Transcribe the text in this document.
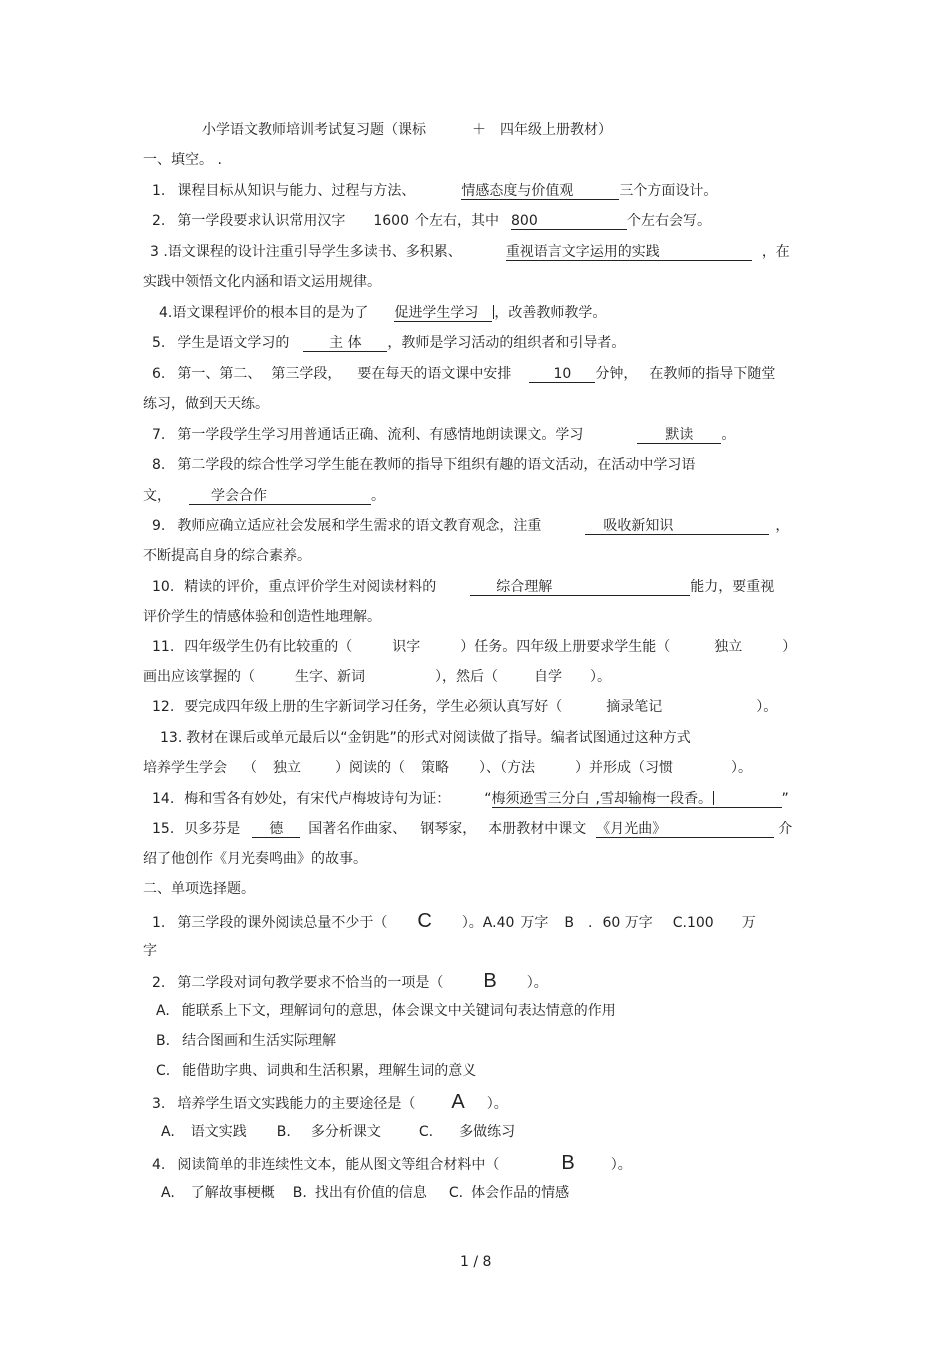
小学语文教师培训考试复习题（课标	＋ 四年级上册教材）
一、填空。 .
1. 课程目标从知识与能力、过程与方法、	情感态度与价值观	三个方面设计。
2. 第一学段要求认识常用汉字 1600 个左右，其中 800	个左右会写。
3 .语文课程的设计注重引导学生多读书、多积累、	重视语言文字运用的实践	，在
实践中领悟文化内涵和语文运用规律。
4.语文课程评价的根本目的是为了 促进学生学习 ，改善教师教学。
5. 学生是语文学习的	主 体 ，教师是学习活动的组织者和引导者。
6. 第一、第二、 第三学段， 要在每天的语文课中安排	10 分钟， 在教师的指导下随堂
练习，做到天天练。
7. 第一学段学生学习用普通话正确、流利、有感情地朗读课文。学习	默读 。
8. 第二学段的综合性学习学生能在教师的指导下组织有趣的语文活动，在活动中学习语
文，	学会合作	。
9. 教师应确立适应社会发展和学生需求的语文教育观念，注重	吸收新知识	，
不断提高自身的综合素养。
10. 精读的评价，重点评价学生对阅读材料的	综合理解	能力，要重视
评价学生的情感体验和创造性地理解。
11. 四年级学生仍有比较重的（	识字	）任务。四年级上册要求学生能（	独立	）
画出应该掌握的（	生字、新词	），然后（	自学 ）。
12. 要完成四年级上册的生字新词学习任务，学生必须认真写好（	摘录笔记	）。
13. 教材在课后或单元最后以“金钥匙”的形式对阅读做了指导。编者试图通过这种方式
培养学生学会 （ 独立 ）阅读的（ 策略 ）、（方法	）并形成（习惯	）。
14. 梅和雪各有妙处，有宋代卢梅坡诗句为证： “梅须逊雪三分白 ,雪却输梅一段香。	”
15. 贝多芬是 德 国著名作曲家、 钢琴家， 本册教材中课文 《月光曲》	介
绍了他创作《月光奏鸣曲》的故事。
二、单项选择题。
1. 第三学段的课外阅读总量不少于（ C ）。A.40 万字 B . 60 万字 C.100 万
字
2. 第二学段对词句教学要求不恰当的一项是（ B ）。
A. 能联系上下文，理解词句的意思，体会课文中关键词句表达情意的作用
B. 结合图画和生活实际理解
C. 能借助字典、词典和生活积累，理解生词的意义
3. 培养学生语文实践能力的主要途径是（ A ）。
A. 语文实践 B. 多分析课文	C. 多做练习
4. 阅读简单的非连续性文本，能从图文等组合材料中（	B	）。
A. 了解故事梗概 B. 找出有价值的信息 C. 体会作品的情感
1 / 8
